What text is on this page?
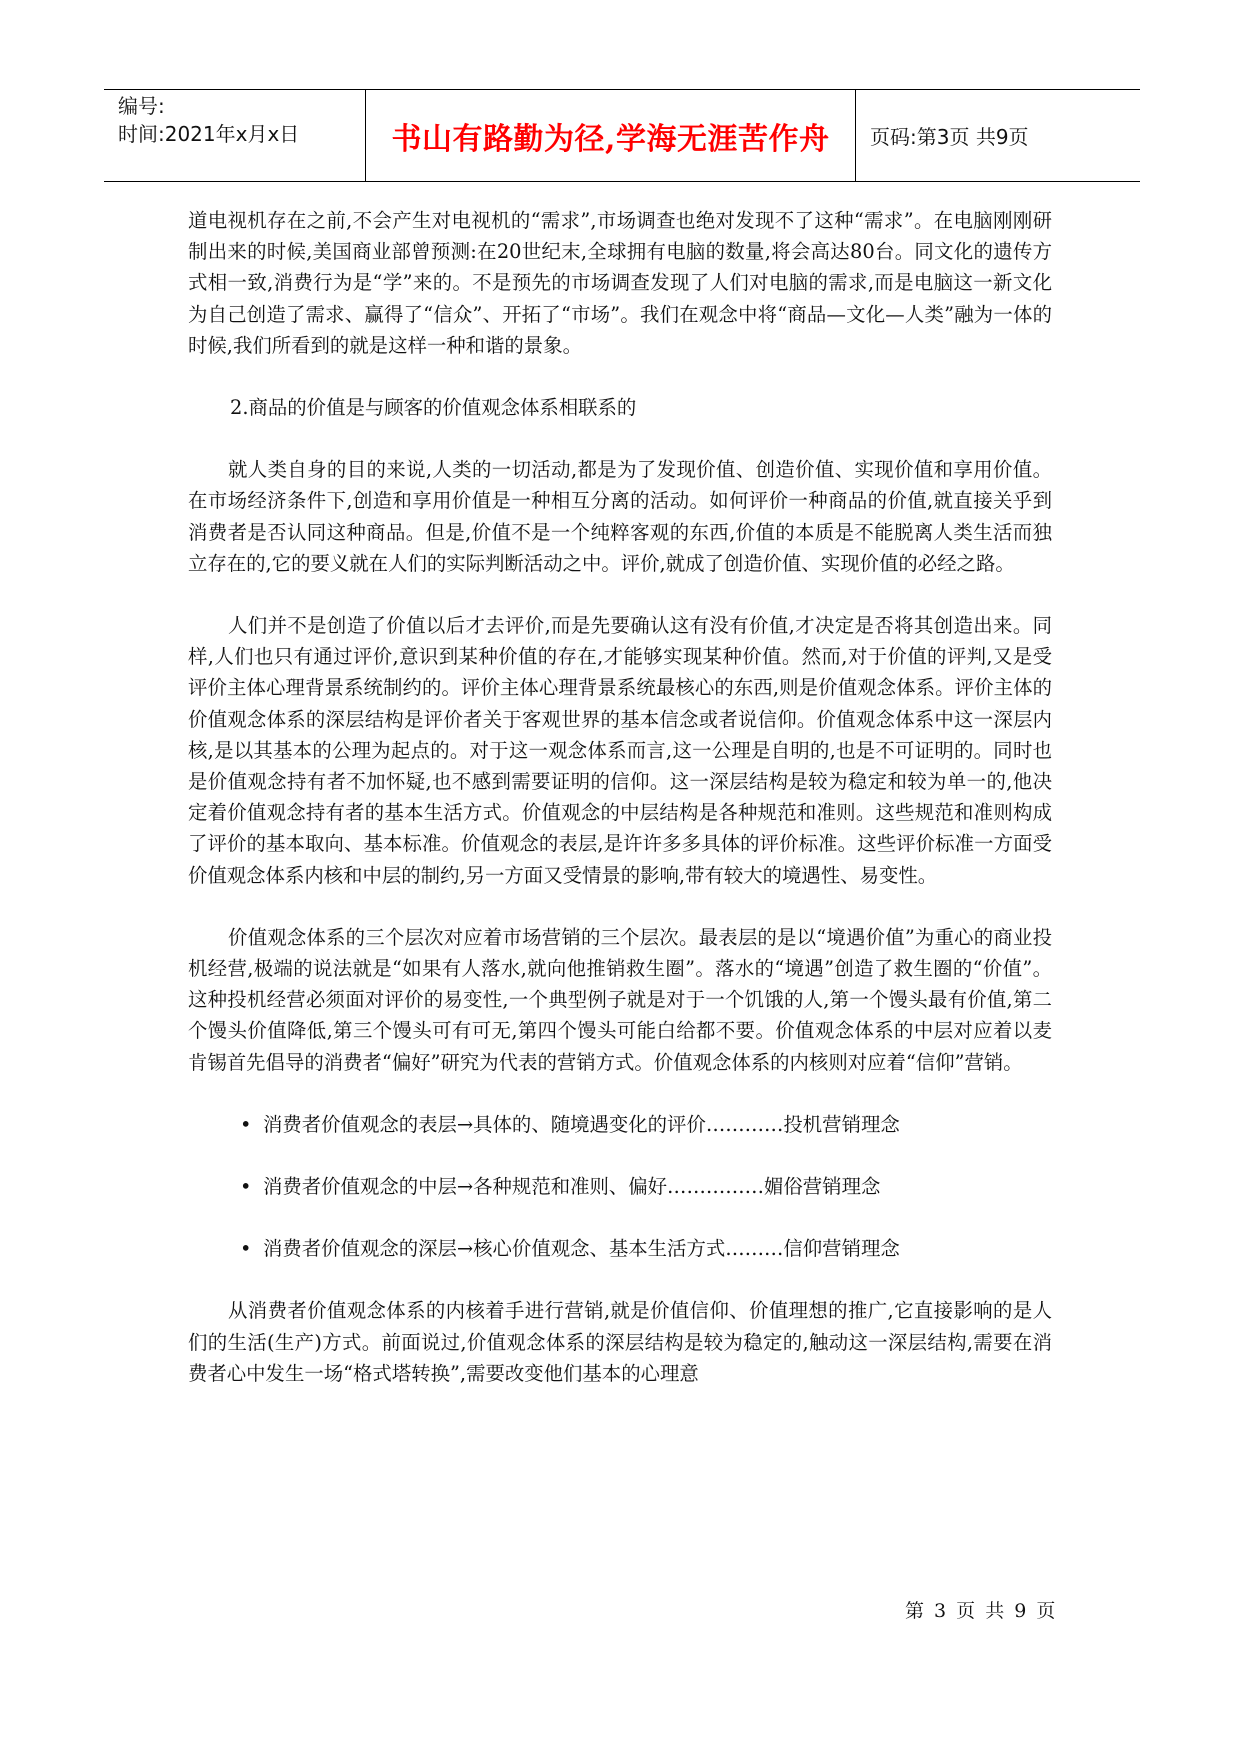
编号:
时间:2021年x月x日	书山有路勤为径,学海无涯苦作舟	页码:第3页 共9页

道电视机存在之前,不会产生对电视机的“需求”,市场调查也绝对发现不了这种“需求”。在电脑刚刚研制出来的时候,美国商业部曾预测:在20世纪末,全球拥有电脑的数量,将会高达80台。同文化的遗传方式相一致,消费行为是“学”来的。不是预先的市场调查发现了人们对电脑的需求,而是电脑这一新文化为自己创造了需求、赢得了“信众”、开拓了“市场”。我们在观念中将“商品—文化—人类”融为一体的时候,我们所看到的就是这样一种和谐的景象。

2.商品的价值是与顾客的价值观念体系相联系的

就人类自身的目的来说,人类的一切活动,都是为了发现价值、创造价值、实现价值和享用价值。在市场经济条件下,创造和享用价值是一种相互分离的活动。如何评价一种商品的价值,就直接关乎到消费者是否认同这种商品。但是,价值不是一个纯粹客观的东西,价值的本质是不能脱离人类生活而独立存在的,它的要义就在人们的实际判断活动之中。评价,就成了创造价值、实现价值的必经之路。

人们并不是创造了价值以后才去评价,而是先要确认这有没有价值,才决定是否将其创造出来。同样,人们也只有通过评价,意识到某种价值的存在,才能够实现某种价值。然而,对于价值的评判,又是受评价主体心理背景系统制约的。评价主体心理背景系统最核心的东西,则是价值观念体系。评价主体的价值观念体系的深层结构是评价者关于客观世界的基本信念或者说信仰。价值观念体系中这一深层内核,是以其基本的公理为起点的。对于这一观念体系而言,这一公理是自明的,也是不可证明的。同时也是价值观念持有者不加怀疑,也不感到需要证明的信仰。这一深层结构是较为稳定和较为单一的,他决定着价值观念持有者的基本生活方式。价值观念的中层结构是各种规范和准则。这些规范和准则构成了评价的基本取向、基本标准。价值观念的表层,是许许多多具体的评价标准。这些评价标准一方面受价值观念体系内核和中层的制约,另一方面又受情景的影响,带有较大的境遇性、易变性。

价值观念体系的三个层次对应着市场营销的三个层次。最表层的是以“境遇价值”为重心的商业投机经营,极端的说法就是“如果有人落水,就向他推销救生圈”。落水的“境遇”创造了救生圈的“价值”。这种投机经营必须面对评价的易变性,一个典型例子就是对于一个饥饿的人,第一个馒头最有价值,第二个馒头价值降低,第三个馒头可有可无,第四个馒头可能白给都不要。价值观念体系的中层对应着以麦肯锡首先倡导的消费者“偏好”研究为代表的营销方式。价值观念体系的内核则对应着“信仰”营销。

• 消费者价值观念的表层→具体的、随境遇变化的评价…………投机营销理念

• 消费者价值观念的中层→各种规范和准则、偏好……………媚俗营销理念

• 消费者价值观念的深层→核心价值观念、基本生活方式………信仰营销理念

从消费者价值观念体系的内核着手进行营销,就是价值信仰、价值理想的推广,它直接影响的是人们的生活(生产)方式。前面说过,价值观念体系的深层结构是较为稳定的,触动这一深层结构,需要在消费者心中发生一场“格式塔转换”,需要改变他们基本的心理意

第 3 页 共 9 页
